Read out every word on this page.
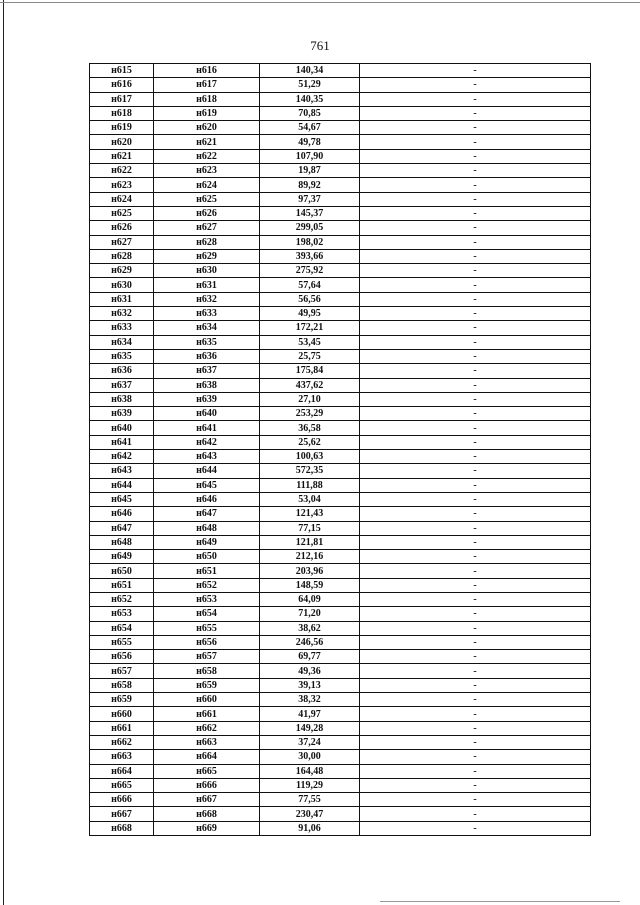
761
н615	н616	140,34	-
н616	н617	51,29	-
н617	н618	140,35	-
н618	н619	70,85	-
н619	н620	54,67	-
н620	н621	49,78	-
н621	н622	107,90	-
н622	н623	19,87	-
н623	н624	89,92	-
н624	н625	97,37	-
н625	н626	145,37	-
н626	н627	299,05	-
н627	н628	198,02	-
н628	н629	393,66	-
н629	н630	275,92	-
н630	н631	57,64	-
н631	н632	56,56	-
н632	н633	49,95	-
н633	н634	172,21	-
н634	н635	53,45	-
н635	н636	25,75	-
н636	н637	175,84	-
н637	н638	437,62	-
н638	н639	27,10	-
н639	н640	253,29	-
н640	н641	36,58	-
н641	н642	25,62	-
н642	н643	100,63	-
н643	н644	572,35	-
н644	н645	111,88	-
н645	н646	53,04	-
н646	н647	121,43	-
н647	н648	77,15	-
н648	н649	121,81	-
н649	н650	212,16	-
н650	н651	203,96	-
н651	н652	148,59	-
н652	н653	64,09	-
н653	н654	71,20	-
н654	н655	38,62	-
н655	н656	246,56	-
н656	н657	69,77	-
н657	н658	49,36	-
н658	н659	39,13	-
н659	н660	38,32	-
н660	н661	41,97	-
н661	н662	149,28	-
н662	н663	37,24	-
н663	н664	30,00	-
н664	н665	164,48	-
н665	н666	119,29	-
н666	н667	77,55	-
н667	н668	230,47	-
н668	н669	91,06	-
